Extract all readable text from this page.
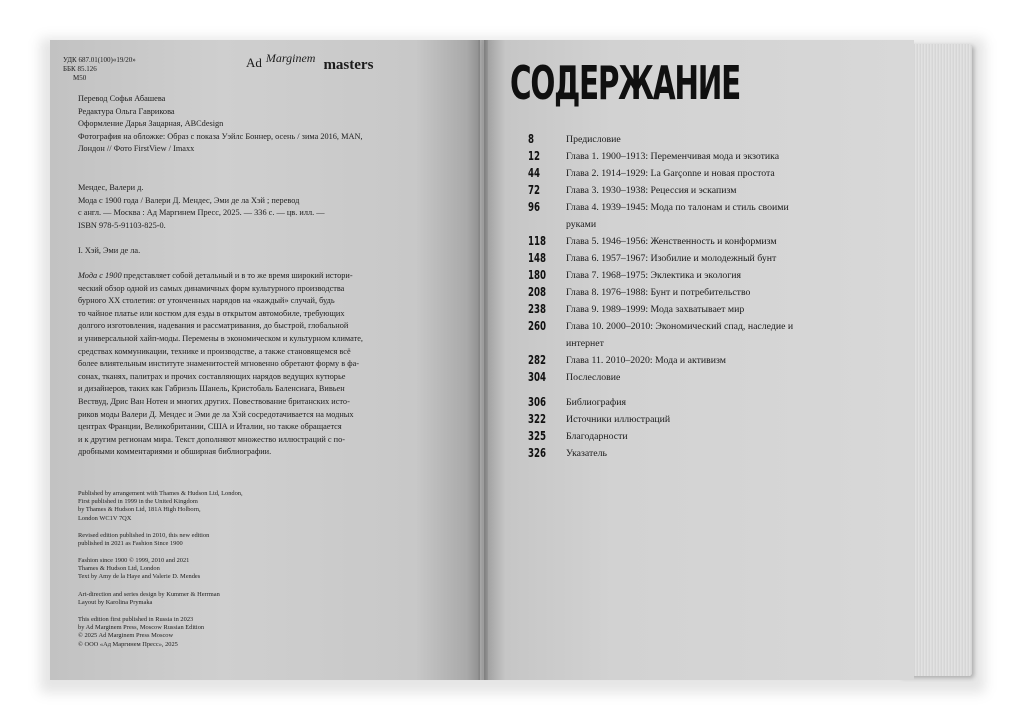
УДК 687.01(100)«19/20»
ББК 85.126
М50
Ad $^{Marginem}$ masters
Перевод Софья Абашева
Редактура Ольга Гаврикова
Оформление Дарья Зацарная, ABCdesign
Фотография на обложке: Образ с показа Уэйлс Боннер, осень / зима 2016, MAN,
Лондон // Фото FirstView / Imaxx
Мендес, Валери д.
Мода с 1900 года / Валери Д. Мендес, Эми де ла Хэй ; перевод
с англ. — Москва : Ад Маргинем Пресс, 2025. — 336 с. — цв. илл. —
ISBN 978-5-91103-825-0.
I. Хэй, Эми де ла.
Мода с 1900 представляет собой детальный и в то же время широкий истори-
ческий обзор одной из самых динамичных форм культурного производства
бурного XX столетия: от утонченных нарядов на «каждый» случай, будь
то чайное платье или костюм для езды в открытом автомобиле, требующих
долгого изготовления, надевания и рассматривания, до быстрой, глобальной
и универсальной хайп-моды. Перемены в экономическом и культурном климате,
средствах коммуникации, технике и производстве, а также становящемся всё
более влиятельным институте знаменитостей мгновенно обретают форму в фа-
сонах, тканях, палитрах и прочих составляющих нарядов ведущих кутюрье
и дизайнеров, таких как Габриэль Шанель, Кристобаль Баленсиага, Вивьен
Вествуд, Дрис Ван Нотен и многих других. Повествование британских исто-
риков моды Валери Д. Мендес и Эми де ла Хэй сосредотачивается на модных
центрах Франции, Великобритании, США и Италии, но также обращается
и к другим регионам мира. Текст дополняют множество иллюстраций с по-
дробными комментариями и обширная библиографии.
Published by arrangement with Thames & Hudson Ltd, London,
First published in 1999 in the United Kingdom
by Thames & Hudson Ltd, 181A High Holborn,
London WC1V 7QX
Revised edition published in 2010, this new edition
published in 2021 as Fashion Since 1900
Fashion since 1900 © 1999, 2010 and 2021
Thames & Hudson Ltd, London
Text by Amy de la Haye and Valerie D. Mendes
Art-direction and series design by Kummer & Herrman
Layout by Karolina Prymaka
This edition first published in Russia in 2023
by Ad Marginem Press, Moscow Russian Edition
© 2025 Ad Marginem Press Moscow
© ООО «Ад Маргинем Пресс», 2025
СОДЕРЖАНИЕ
8	Предисловие
12	Глава 1. 1900–1913: Переменчивая мода и экзотика
44	Глава 2. 1914–1929: La Garçonne и новая простота
72	Глава 3. 1930–1938: Рецессия и эскапизм
96	Глава 4. 1939–1945: Мода по талонам и стиль своими руками
118	Глава 5. 1946–1956: Женственность и конформизм
148	Глава 6. 1957–1967: Изобилие и молодежный бунт
180	Глава 7. 1968–1975: Эклектика и экология
208	Глава 8. 1976–1988: Бунт и потребительство
238	Глава 9. 1989–1999: Мода захватывает мир
260	Глава 10. 2000–2010: Экономический спад, наследие и интернет
282	Глава 11. 2010–2020: Мода и активизм
304	Послесловие
306	Библиография
322	Источники иллюстраций
325	Благодарности
326	Указатель
